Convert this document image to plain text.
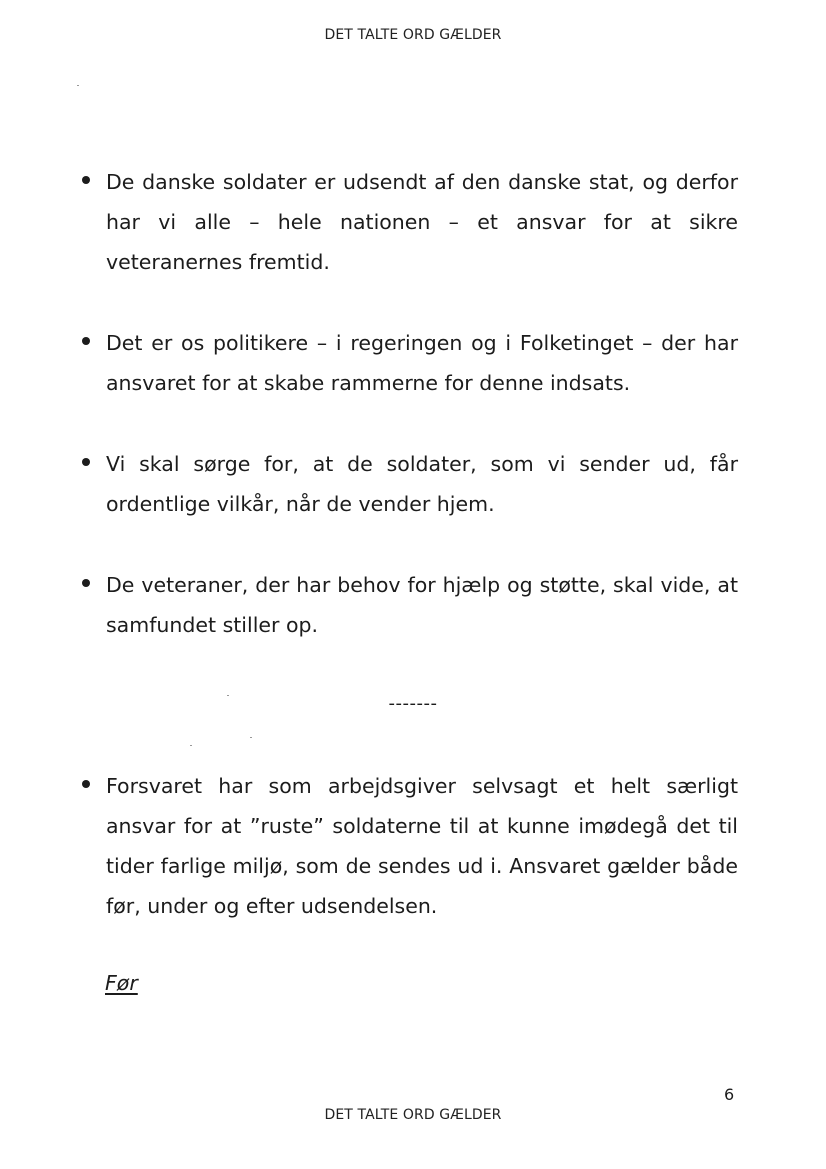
DET TALTE ORD GÆLDER
De danske soldater er udsendt af den danske stat, og derfor har vi alle – hele nationen – et ansvar for at sikre veteranernes fremtid.
Det er os politikere – i regeringen og i Folketinget – der har ansvaret for at skabe rammerne for denne indsats.
Vi skal sørge for, at de soldater, som vi sender ud, får ordentlige vilkår, når de vender hjem.
De veteraner, der har behov for hjælp og støtte, skal vide, at samfundet stiller op.
-------
Forsvaret har som arbejdsgiver selvsagt et helt særligt ansvar for at ”ruste” soldaterne til at kunne imødegå det til tider farlige miljø, som de sendes ud i. Ansvaret gælder både før, under og efter udsendelsen.
Før
6
DET TALTE ORD GÆLDER
